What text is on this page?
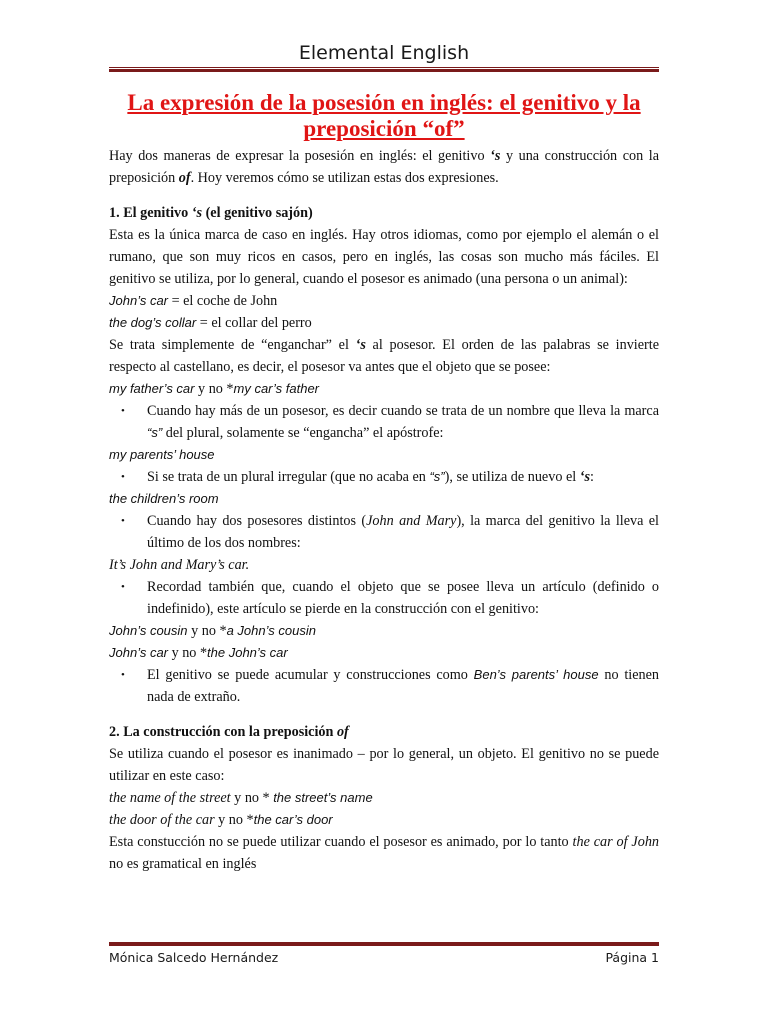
Elemental English
La expresión de la posesión en inglés: el genitivo y la
preposición “of”
Hay dos maneras de expresar la posesión en inglés: el genitivo ‘s y una construcción con la preposición of. Hoy veremos cómo se utilizan estas dos expresiones.
1. El genitivo ‘s (el genitivo sajón)
Esta es la única marca de caso en inglés. Hay otros idiomas, como por ejemplo el alemán o el rumano, que son muy ricos en casos, pero en inglés, las cosas son mucho más fáciles. El genitivo se utiliza, por lo general, cuando el posesor es animado (una persona o un animal):
John’s car = el coche de John
the dog’s collar = el collar del perro
Se trata simplemente de “enganchar” el ‘s al posesor. El orden de las palabras se invierte respecto al castellano, es decir, el posesor va antes que el objeto que se posee:
my father’s car y no *my car’s father
• Cuando hay más de un posesor, es decir cuando se trata de un nombre que lleva la marca “s” del plural, solamente se “engancha” el apóstrofe:
my parents’ house
• Si se trata de un plural irregular (que no acaba en “s”), se utiliza de nuevo el ‘s:
the children’s room
• Cuando hay dos posesores distintos (John and Mary), la marca del genitivo la lleva el último de los dos nombres:
It’s John and Mary’s car.
• Recordad también que, cuando el objeto que se posee lleva un artículo (definido o indefinido), este artículo se pierde en la construcción con el genitivo:
John’s cousin y no *a John’s cousin
John’s car y no *the John’s car
• El genitivo se puede acumular y construcciones como Ben’s parents’ house no tienen nada de extraño.
2. La construcción con la preposición of
Se utiliza cuando el posesor es inanimado – por lo general, un objeto. El genitivo no se puede utilizar en este caso:
the name of the street y no * the street’s name
the door of the car y no *the car’s door
Esta constucción no se puede utilizar cuando el posesor es animado, por lo tanto the car of John no es gramatical en inglés
Mónica Salcedo Hernández	Página 1
